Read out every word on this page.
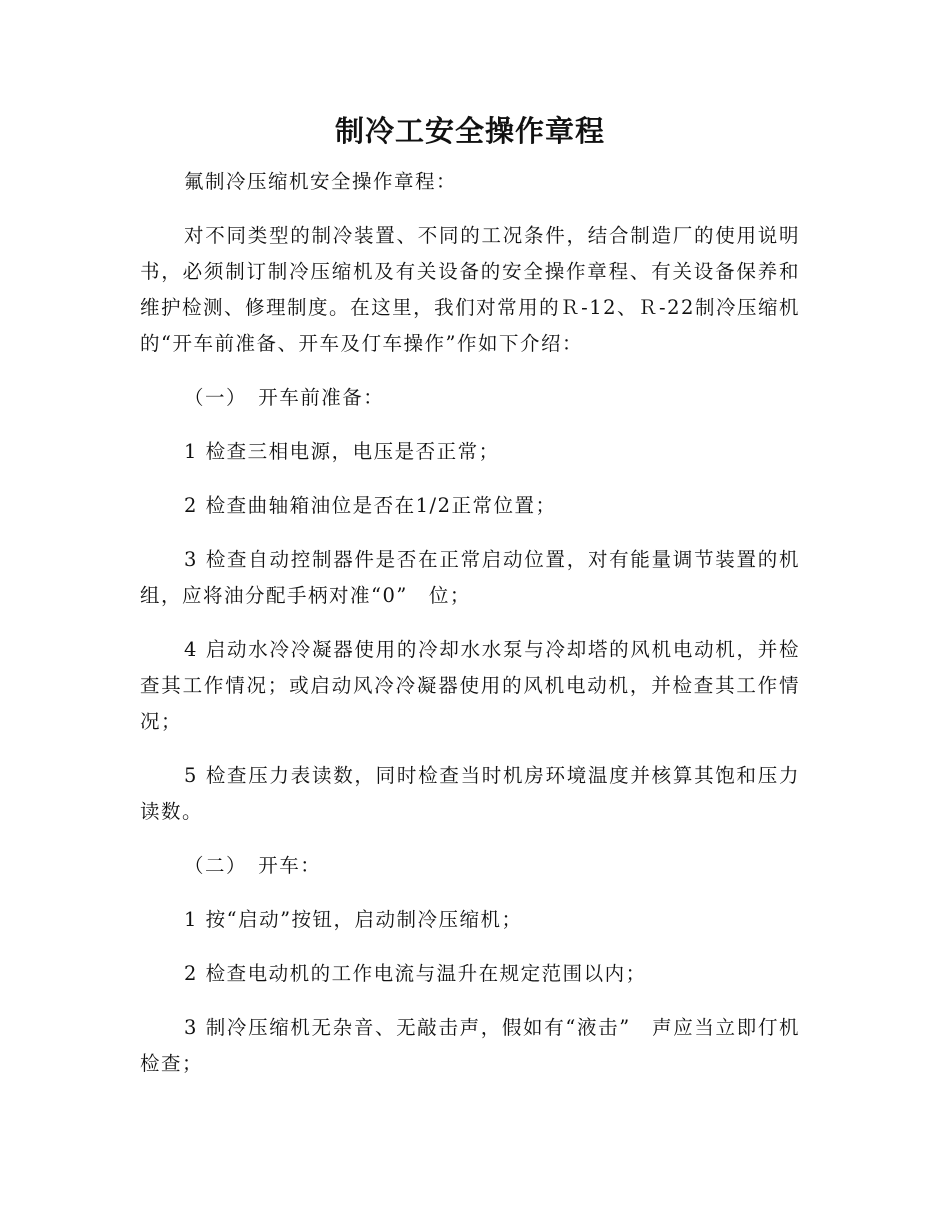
制冷工安全操作章程

氟制冷压缩机安全操作章程：

对不同类型的制冷装置、不同的工况条件，结合制造厂的使用说明书，必须制订制冷压缩机及有关设备的安全操作章程、有关设备保养和维护检测、修理制度。在这里，我们对常用的Ｒ-12、Ｒ-22制冷压缩机的“开车前准备、开车及仃车操作”作如下介绍：

（一）　开车前准备：

1 检查三相电源，电压是否正常；

2 检查曲轴箱油位是否在1/2正常位置；

3 检查自动控制器件是否在正常启动位置，对有能量调节装置的机组，应将油分配手柄对准“0”　位；

4 启动水冷冷凝器使用的冷却水水泵与冷却塔的风机电动机，并检查其工作情况；或启动风冷冷凝器使用的风机电动机，并检查其工作情况；

5 检查压力表读数，同时检查当时机房环境温度并核算其饱和压力读数。

（二）　开车：

1 按“启动”按钮，启动制冷压缩机；

2 检查电动机的工作电流与温升在规定范围以内；

3 制冷压缩机无杂音、无敲击声，假如有“液击”　声应当立即仃机检查；
